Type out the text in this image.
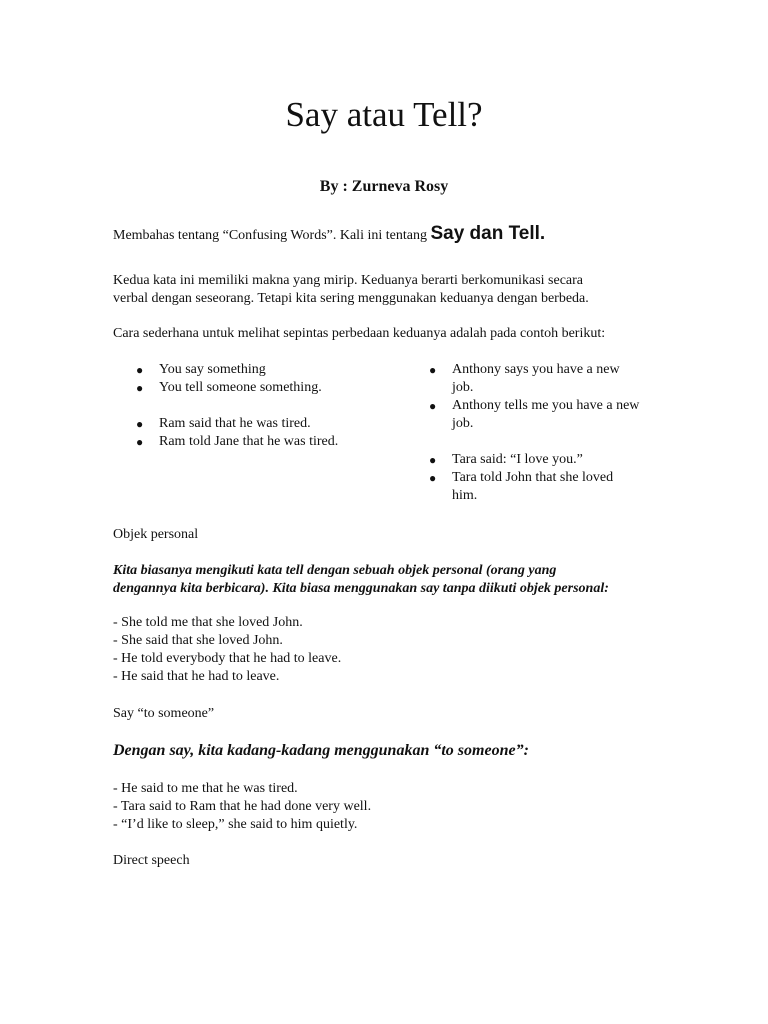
Say atau Tell?
By : Zurneva Rosy
Membahas tentang “Confusing Words”. Kali ini tentang Say dan Tell.
Kedua kata ini memiliki makna yang mirip. Keduanya berarti berkomunikasi secara
verbal dengan seseorang. Tetapi kita sering menggunakan keduanya dengan berbeda.
Cara sederhana untuk melihat sepintas perbedaan keduanya adalah pada contoh berikut:
● You say something
● You tell someone something.
● Ram said that he was tired.
● Ram told Jane that he was tired.
● Anthony says you have a new
job.
● Anthony tells me you have a new
job.
● Tara said: “I love you.”
● Tara told John that she loved
him.
Objek personal
Kita biasanya mengikuti kata tell dengan sebuah objek personal (orang yang
dengannya kita berbicara). Kita biasa menggunakan say tanpa diikuti objek personal:
- She told me that she loved John.
- She said that she loved John.
- He told everybody that he had to leave.
- He said that he had to leave.
Say “to someone”
Dengan say, kita kadang-kadang menggunakan “to someone”:
- He said to me that he was tired.
- Tara said to Ram that he had done very well.
- “I’d like to sleep,” she said to him quietly.
Direct speech
